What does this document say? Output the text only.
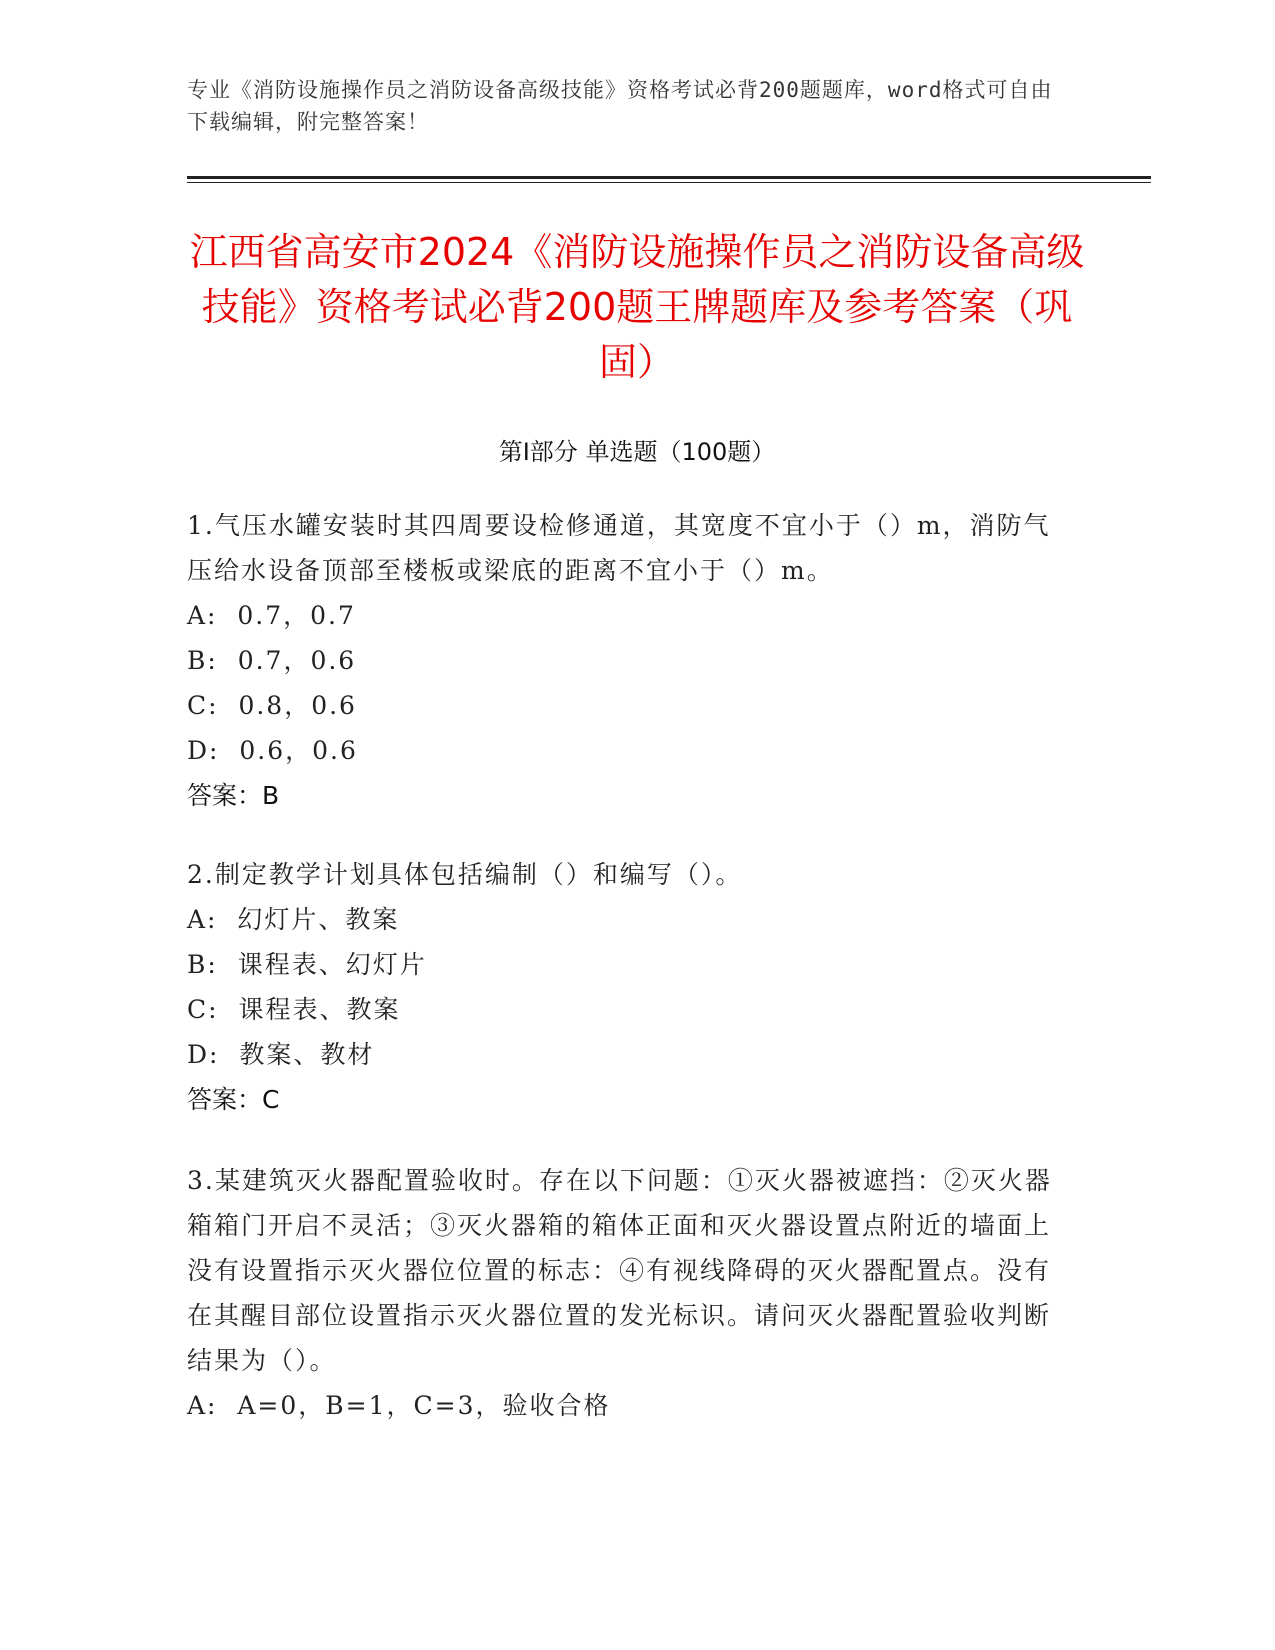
专业《消防设施操作员之消防设备高级技能》资格考试必背200题题库，word格式可自由下载编辑，附完整答案！
江西省高安市2024《消防设施操作员之消防设备高级技能》资格考试必背200题王牌题库及参考答案（巩固）
第Ⅰ部分 单选题（100题）
1.气压水罐安装时其四周要设检修通道，其宽度不宜小于（）m，消防气压给水设备顶部至楼板或梁底的距离不宜小于（）m。
A:  0.7，0.7
B:  0.7，0.6
C:  0.8，0.6
D:  0.6，0.6
答案：B
2.制定教学计划具体包括编制（）和编写（）。
A:  幻灯片、教案
B:  课程表、幻灯片
C:  课程表、教案
D:  教案、教材
答案：C
3.某建筑灭火器配置验收时。存在以下问题：①灭火器被遮挡：②灭火器箱箱门开启不灵活；③灭火器箱的箱体正面和灭火器设置点附近的墙面上没有设置指示灭火器位位置的标志：④有视线降碍的灭火器配置点。没有在其醒目部位设置指示灭火器位置的发光标识。请问灭火器配置验收判断结果为（）。
A:  A=0，B=1，C=3，验收合格
